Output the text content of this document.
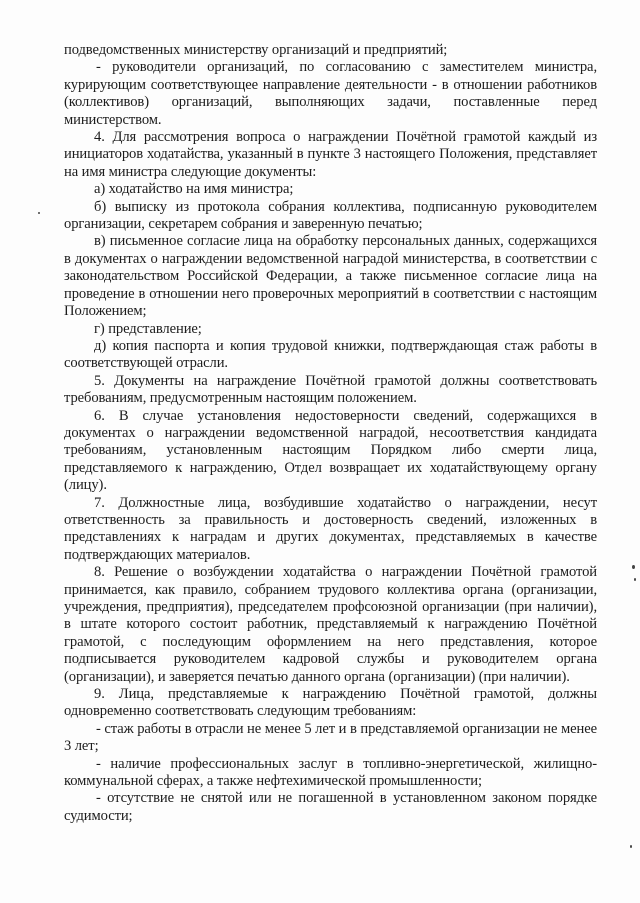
подведомственных министерству организаций и предприятий;

- руководители организаций, по согласованию с заместителем министра, курирующим соответствующее направление деятельности - в отношении работников (коллективов) организаций, выполняющих задачи, поставленные перед министерством.

4. Для рассмотрения вопроса о награждении Почётной грамотой каждый из инициаторов ходатайства, указанный в пункте 3 настоящего Положения, представляет на имя министра следующие документы:

а) ходатайство на имя министра;

б) выписку из протокола собрания коллектива, подписанную руководителем организации, секретарем собрания и заверенную печатью;

в) письменное согласие лица на обработку персональных данных, содержащихся в документах о награждении ведомственной наградой министерства, в соответствии с законодательством Российской Федерации, а также письменное согласие лица на проведение в отношении него проверочных мероприятий в соответствии с настоящим Положением;

г) представление;

д) копия паспорта и копия трудовой книжки, подтверждающая стаж работы в соответствующей отрасли.

5. Документы на награждение Почётной грамотой должны соответствовать требованиям, предусмотренным настоящим положением.

6. В случае установления недостоверности сведений, содержащихся в документах о награждении ведомственной наградой, несоответствия кандидата требованиям, установленным настоящим Порядком либо смерти лица, представляемого к награждению, Отдел возвращает их ходатайствующему органу (лицу).

7. Должностные лица, возбудившие ходатайство о награждении, несут ответственность за правильность и достоверность сведений, изложенных в представлениях к наградам и других документах, представляемых в качестве подтверждающих материалов.

8. Решение о возбуждении ходатайства о награждении Почётной грамотой принимается, как правило, собранием трудового коллектива органа (организации, учреждения, предприятия), председателем профсоюзной организации (при наличии), в штате которого состоит работник, представляемый к награждению Почётной грамотой, с последующим оформлением на него представления, которое подписывается руководителем кадровой службы и руководителем органа (организации), и заверяется печатью данного органа (организации) (при наличии).

9. Лица, представляемые к награждению Почётной грамотой, должны одновременно соответствовать следующим требованиям:

- стаж работы в отрасли не менее 5 лет и в представляемой организации не менее 3 лет;

- наличие профессиональных заслуг в топливно-энергетической, жилищно-коммунальной сферах, а также нефтехимической промышленности;

- отсутствие не снятой или не погашенной в установленном законом порядке судимости;
